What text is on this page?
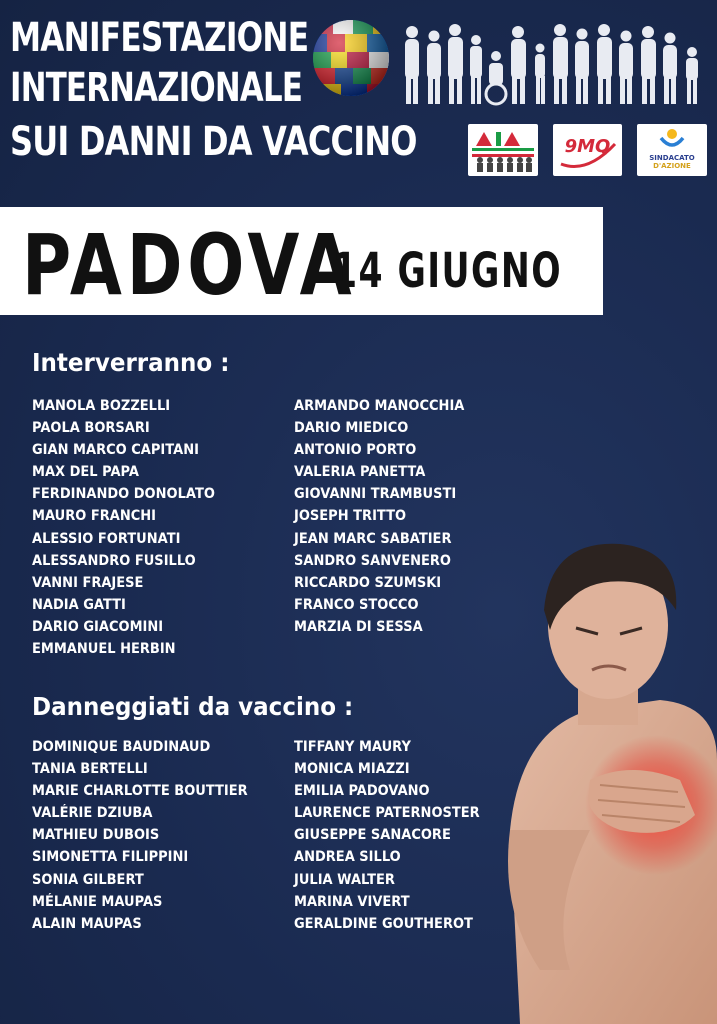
MANIFESTAZIONE
INTERNAZIONALE
SUI DANNI DA VACCINO	9MQ
SINDACATO
D'AZIONE
PADOVA
14 GIUGNO
Interverranno :
MANOLA BOZZELLI
PAOLA BORSARI
GIAN MARCO CAPITANI
MAX DEL PAPA
FERDINANDO DONOLATO
MAURO FRANCHI
ALESSIO FORTUNATI
ALESSANDRO FUSILLO
VANNI FRAJESE
NADIA GATTI
DARIO GIACOMINI
EMMANUEL HERBIN
ARMANDO MANOCCHIA
DARIO MIEDICO
ANTONIO PORTO
VALERIA PANETTA
GIOVANNI TRAMBUSTI
JOSEPH TRITTO
JEAN MARC SABATIER
SANDRO SANVENERO
RICCARDO SZUMSKI
FRANCO STOCCO
MARZIA DI SESSA
Danneggiati da vaccino :
DOMINIQUE BAUDINAUD
TANIA BERTELLI
MARIE CHARLOTTE BOUTTIER
VALÉRIE DZIUBA
MATHIEU DUBOIS
SIMONETTA FILIPPINI
SONIA GILBERT
MÉLANIE MAUPAS
ALAIN MAUPAS
TIFFANY MAURY
MONICA MIAZZI
EMILIA PADOVANO
LAURENCE PATERNOSTER
GIUSEPPE SANACORE
ANDREA SILLO
JULIA WALTER
MARINA VIVERT
GERALDINE GOUTHEROT
